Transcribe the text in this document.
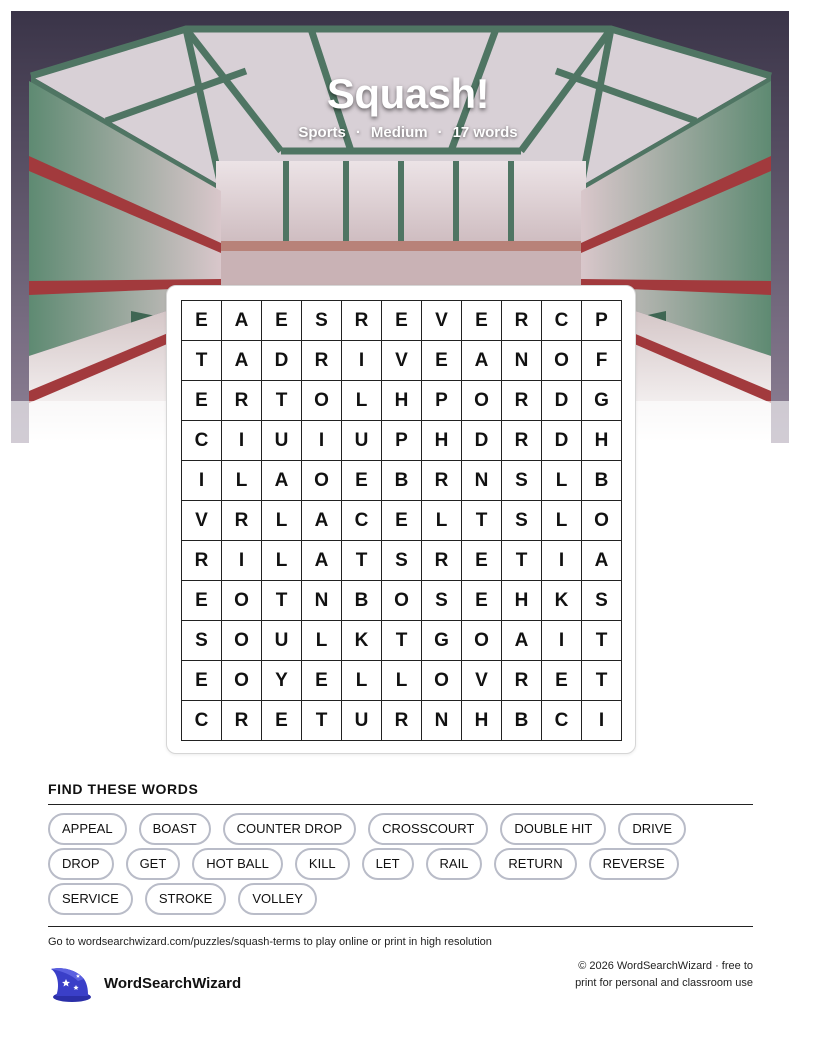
Squash!
Sports · Medium · 17 words
E	A	E	S	R	E	V	E	R	C	P
T	A	D	R	I	V	E	A	N	O	F
E	R	T	O	L	H	P	O	R	D	G
C	I	U	I	U	P	H	D	R	D	H
I	L	A	O	E	B	R	N	S	L	B
V	R	L	A	C	E	L	T	S	L	O
R	I	L	A	T	S	R	E	T	I	A
E	O	T	N	B	O	S	E	H	K	S
S	O	U	L	K	T	G	O	A	I	T
E	O	Y	E	L	L	O	V	R	E	T
C	R	E	T	U	R	N	H	B	C	I
FIND THESE WORDS
APPEAL	BOAST	COUNTER DROP	CROSSCOURT	DOUBLE HIT	DRIVE
DROP	GET	HOT BALL	KILL	LET	RAIL	RETURN	REVERSE
SERVICE	STROKE	VOLLEY
Go to wordsearchwizard.com/puzzles/squash-terms to play online or print in high resolution
WordSearchWizard
© 2026 WordSearchWizard · free to print for personal and classroom use
